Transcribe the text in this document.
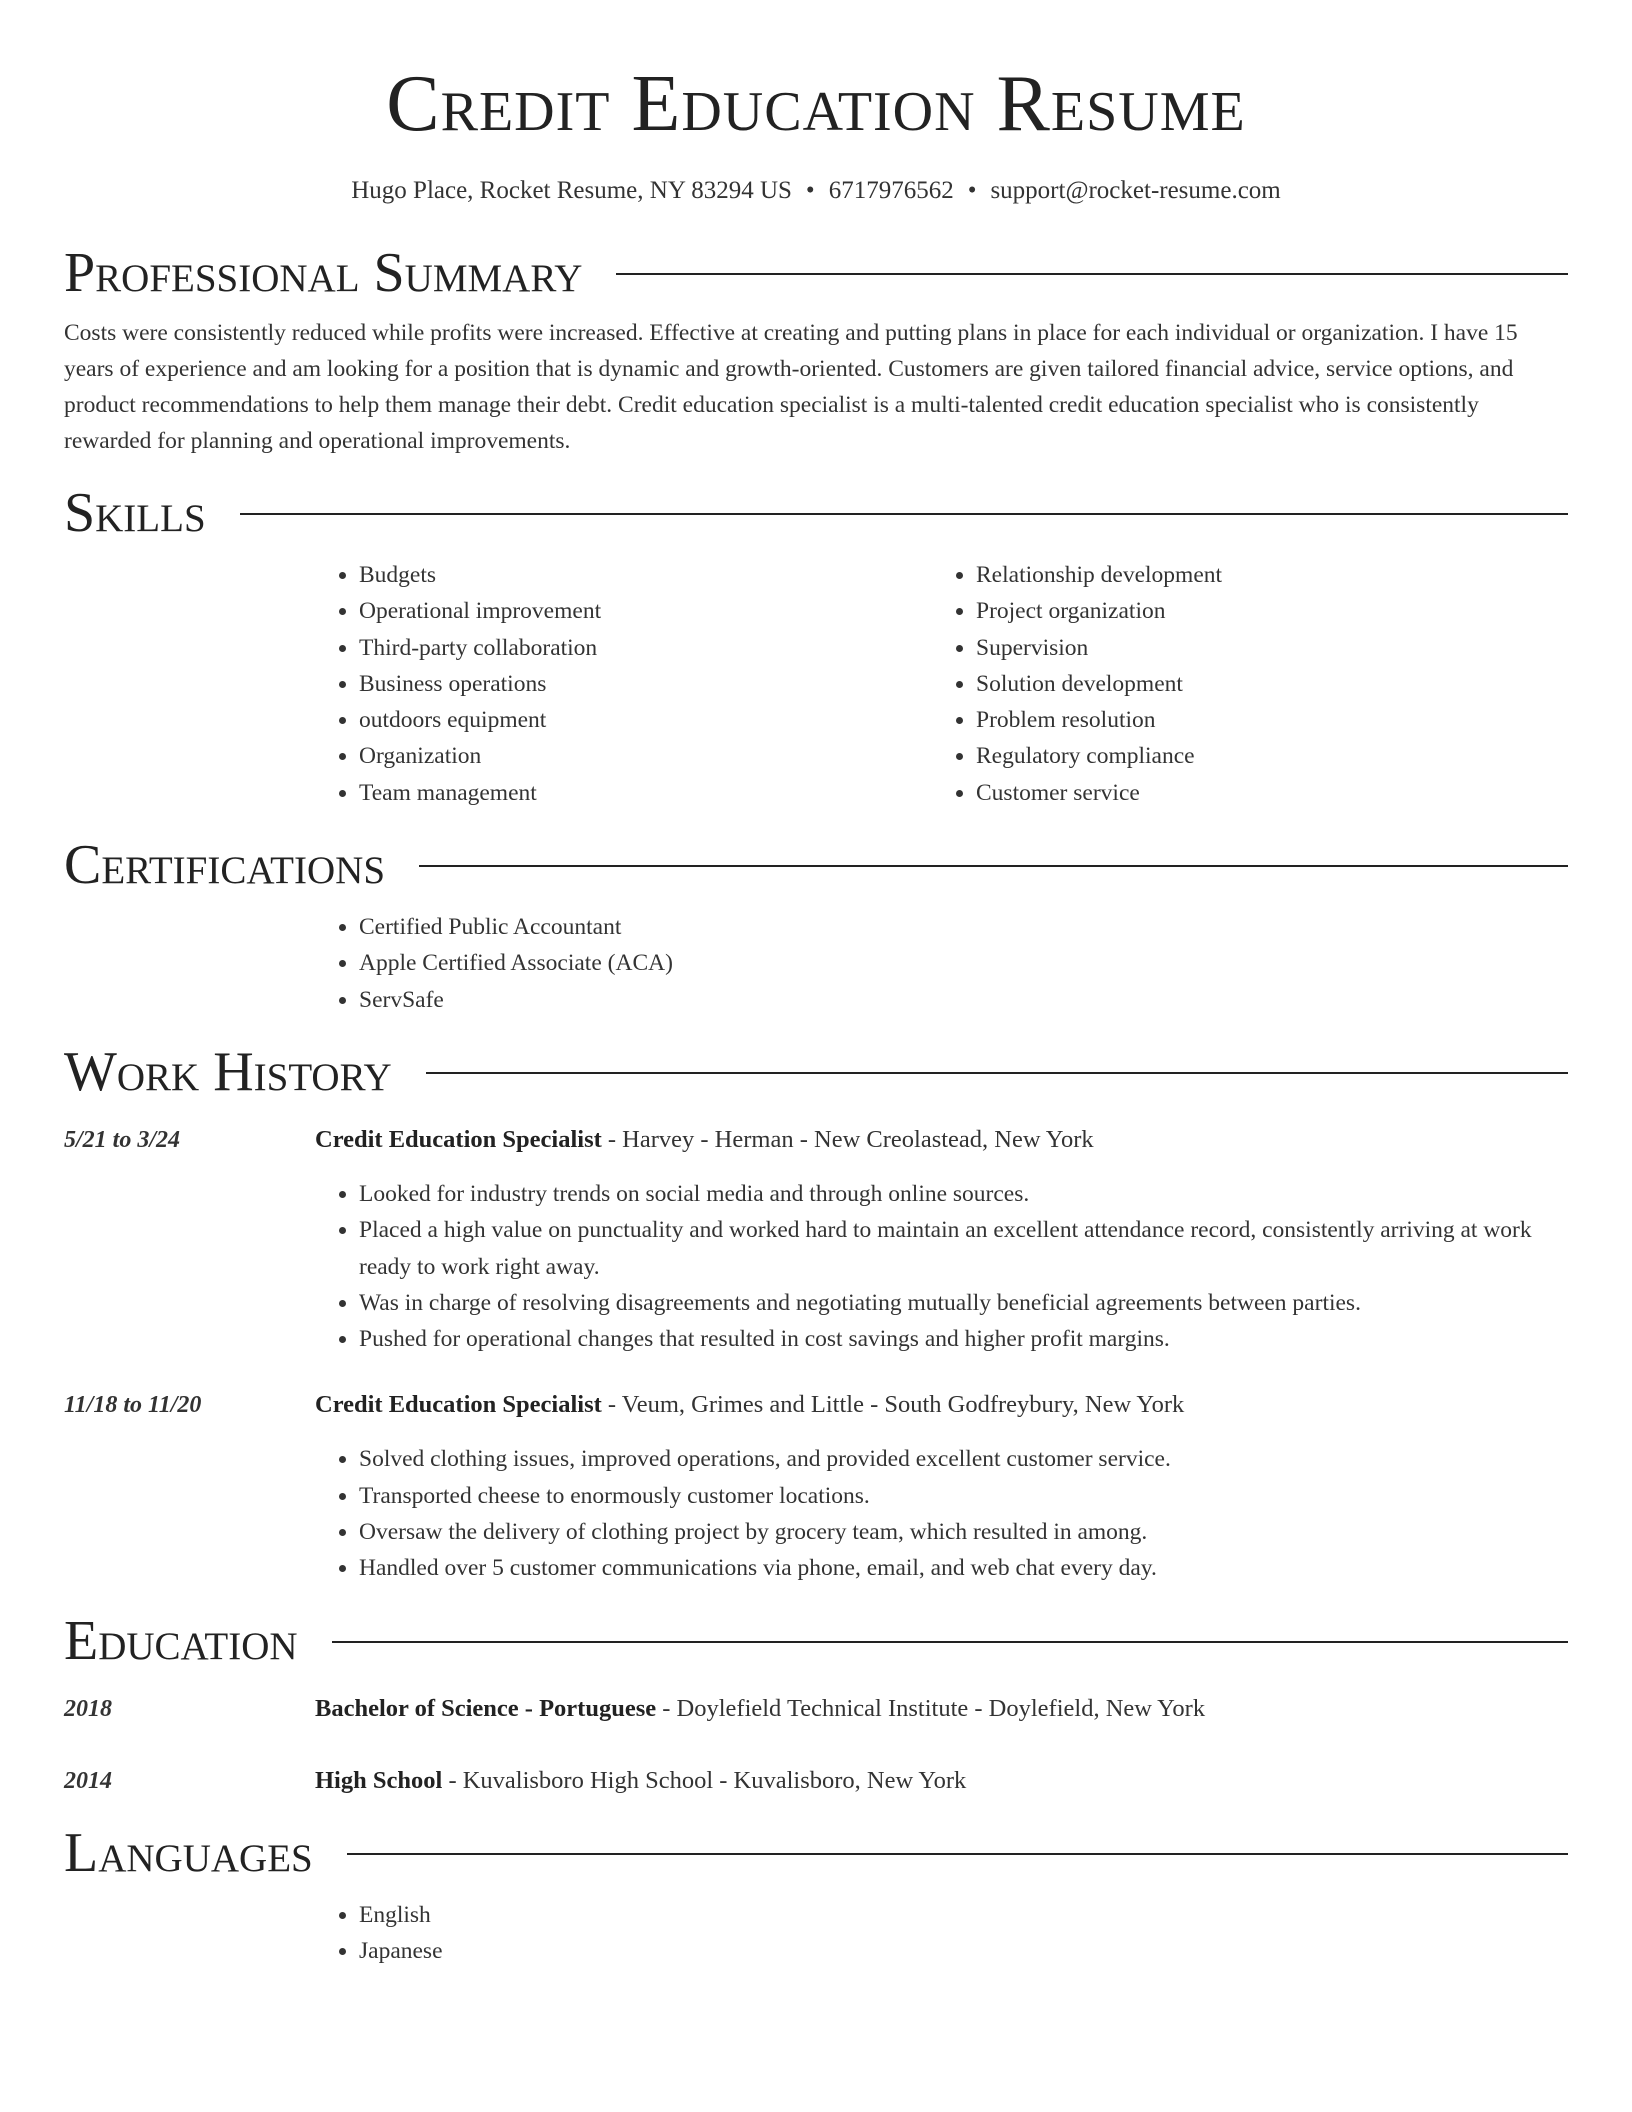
Credit Education Resume
Hugo Place, Rocket Resume, NY 83294 US • 6717976562 • support@rocket-resume.com
Professional Summary

Costs were consistently reduced while profits were increased. Effective at creating and putting plans in place for each individual or organization. I have 15 years of experience and am looking for a position that is dynamic and growth-oriented. Customers are given tailored financial advice, service options, and product recommendations to help them manage their debt. Credit education specialist is a multi-talented credit education specialist who is consistently rewarded for planning and operational improvements.

Skills
• Budgets
• Operational improvement
• Third-party collaboration
• Business operations
• outdoors equipment
• Organization
• Team management
• Relationship development
• Project organization
• Supervision
• Solution development
• Problem resolution
• Regulatory compliance
• Customer service
Certifications
• Certified Public Accountant
• Apple Certified Associate (ACA)
• ServSafe
Work History
5/21 to 3/24	Credit Education Specialist - Harvey - Herman - New Creolastead, New York
• Looked for industry trends on social media and through online sources.
• Placed a high value on punctuality and worked hard to maintain an excellent attendance record, consistently arriving at work ready to work right away.
• Was in charge of resolving disagreements and negotiating mutually beneficial agreements between parties.
• Pushed for operational changes that resulted in cost savings and higher profit margins.
11/18 to 11/20	Credit Education Specialist - Veum, Grimes and Little - South Godfreybury, New York
• Solved clothing issues, improved operations, and provided excellent customer service.
• Transported cheese to enormously customer locations.
• Oversaw the delivery of clothing project by grocery team, which resulted in among.
• Handled over 5 customer communications via phone, email, and web chat every day.
Education
2018	Bachelor of Science - Portuguese - Doylefield Technical Institute - Doylefield, New York
2014	High School - Kuvalisboro High School - Kuvalisboro, New York
Languages
• English
• Japanese
